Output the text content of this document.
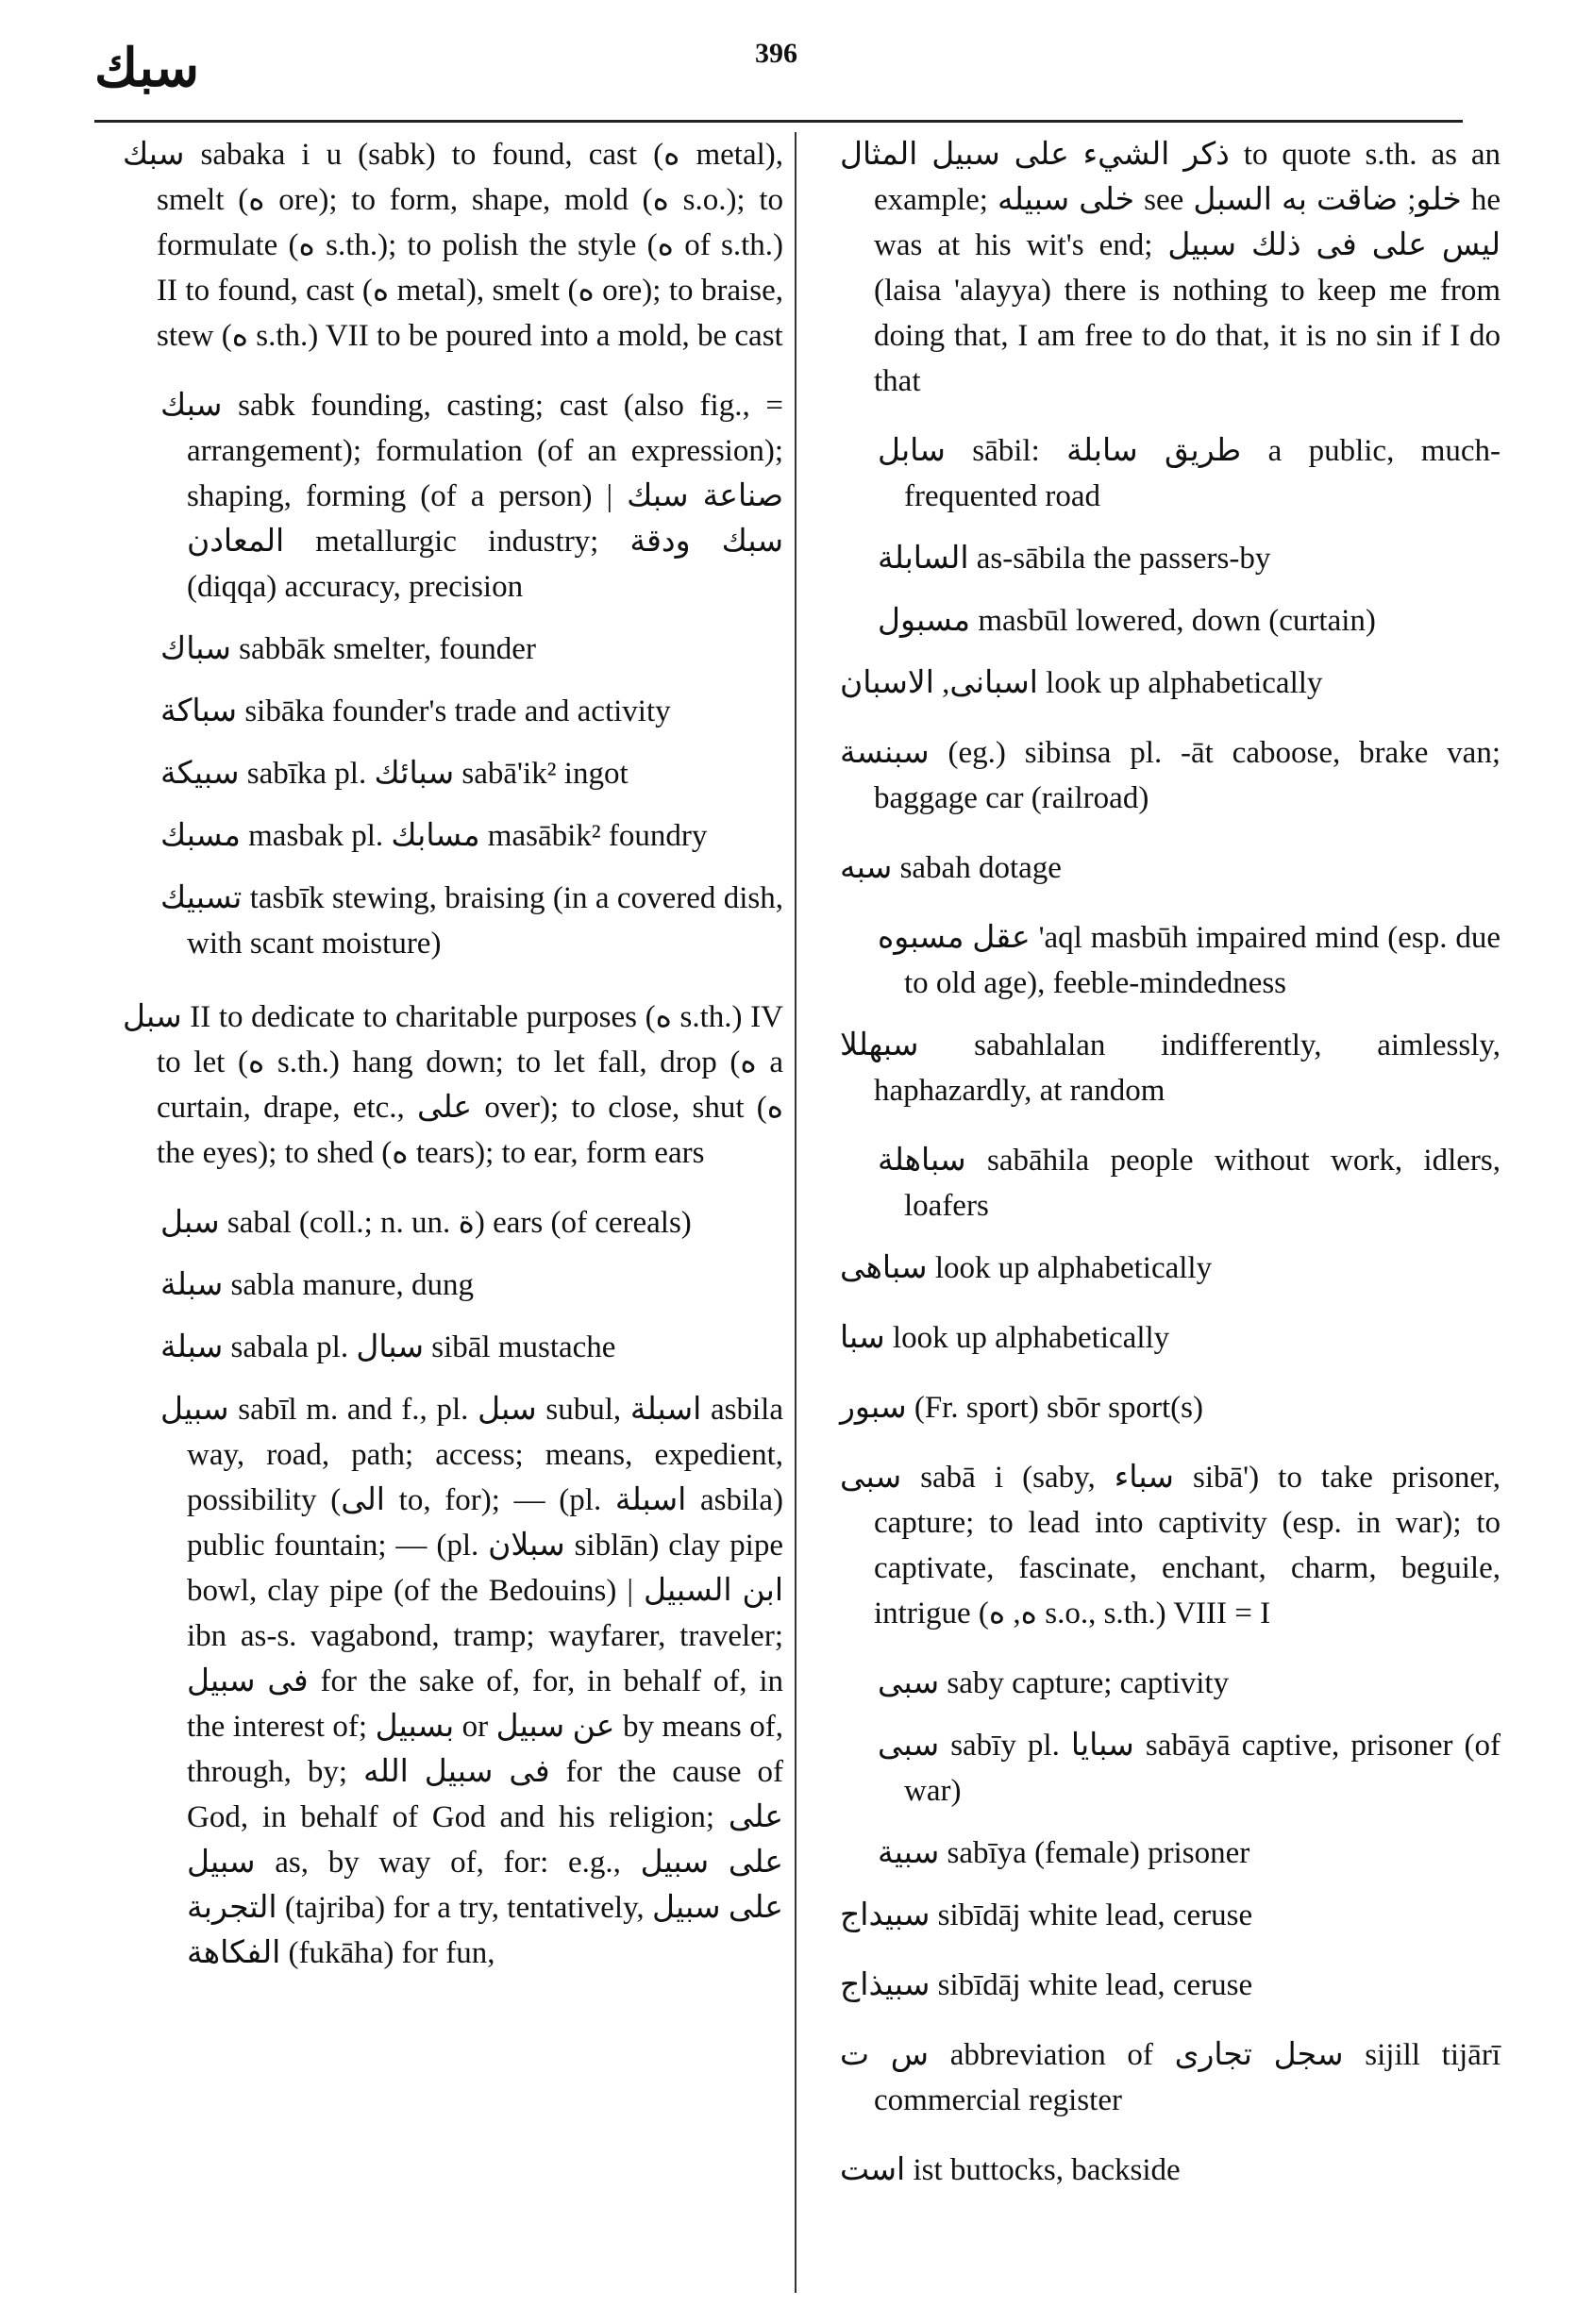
سبك	396

سبك sabaka i u (sabk) to found, cast (ه metal), smelt (ه ore); to form, shape, mold (ه s.o.); to formulate (ه s.th.); to polish the style (ه of s.th.) II to found, cast (ه metal), smelt (ه ore); to braise, stew (ه s.th.) VII to be poured into a mold, be cast

سبك sabk founding, casting; cast (also fig., = arrangement); formulation (of an expression); shaping, forming (of a person) | صناعة سبك المعادن metallurgic industry; سبك ودقة (diqqa) accuracy, precision

سباك sabbāk smelter, founder

سباكة sibāka founder's trade and activity

سبيكة sabīka pl. سبائك sabā'ik² ingot

مسبك masbak pl. مسابك masābik² foundry

تسبيك tasbīk stewing, braising (in a covered dish, with scant moisture)

سبل II to dedicate to charitable purposes (ه s.th.) IV to let (ه s.th.) hang down; to let fall, drop (ه a curtain, drape, etc., على over); to close, shut (ه the eyes); to shed (ه tears); to ear, form ears

سبل sabal (coll.; n. un. ة) ears (of cereals)

سبلة sabla manure, dung

سبلة sabala pl. سبال sibāl mustache

سبيل sabīl m. and f., pl. سبل subul, اسبلة asbila way, road, path; access; means, expedient, possibility (الى to, for); — (pl. اسبلة asbila) public fountain; — (pl. سبلان siblān) clay pipe bowl, clay pipe (of the Bedouins) | ابن السبيل ibn as-s. vagabond, tramp; wayfarer, traveler; فى سبيل for the sake of, for, in behalf of, in the interest of; بسبيل or عن سبيل by means of, through, by; فى سبيل الله for the cause of God, in behalf of God and his religion; على سبيل as, by way of, for: e.g., على سبيل التجربة (tajriba) for a try, tentatively, على سبيل الفكاهة (fukāha) for fun,

ذكر الشيء على سبيل المثال to quote s.th. as an example; خلى سبيله see خلو; ضاقت به السبل he was at his wit's end; ليس على فى ذلك سبيل (laisa 'alayya) there is nothing to keep me from doing that, I am free to do that, it is no sin if I do that

سابل sābil: طريق سابلة a public, much-frequented road

السابلة as-sābila the passers-by

مسبول masbūl lowered, down (curtain)

اسبانى, الاسبان look up alphabetically

سبنسة (eg.) sibinsa pl. -āt caboose, brake van; baggage car (railroad)

سبه sabah dotage

عقل مسبوه 'aql masbūh impaired mind (esp. due to old age), feeble-mindedness

سبهللا sabahlalan indifferently, aimlessly, haphazardly, at random

سباهلة sabāhila people without work, idlers, loafers

سباهى look up alphabetically

سبا look up alphabetically

سبور (Fr. sport) sbōr sport(s)

سبى sabā i (saby, سباء sibā') to take prisoner, capture; to lead into captivity (esp. in war); to captivate, fascinate, enchant, charm, beguile, intrigue (ه, ه s.o., s.th.) VIII = I

سبى saby capture; captivity

سبى sabīy pl. سبايا sabāyā captive, prisoner (of war)

سبية sabīya (female) prisoner

سبيداج sibīdāj white lead, ceruse

سبيذاج sibīdāj white lead, ceruse

س ت abbreviation of سجل تجارى sijill tijārī commercial register

است ist buttocks, backside
